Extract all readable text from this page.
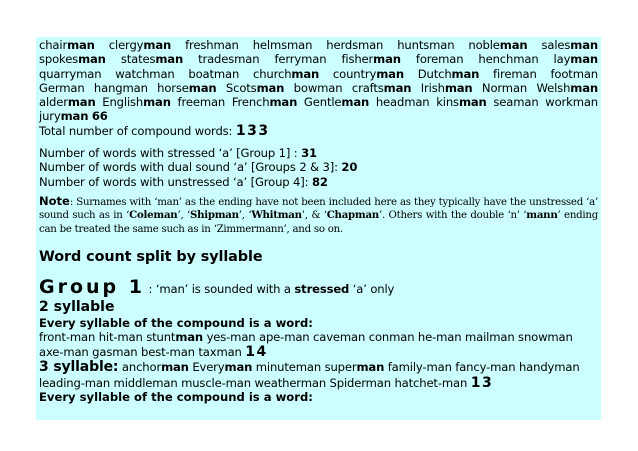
chairman clergyman freshman helmsman herdsman huntsman nobleman salesman
spokesman statesman tradesman ferryman fisherman foreman henchman layman
quarryman watchman boatman churchman countryman Dutchman fireman footman
German hangman horseman Scotsman bowman craftsman Irishman Norman Welshman
alderman Englishman freeman Frenchman Gentleman headman kinsman seaman workman
juryman 66
Total number of compound words: 133
Number of words with stressed ‘a’ [Group 1] : 31
Number of words with dual sound ‘a’ [Groups 2 & 3]: 20
Number of words with unstressed ‘a’ [Group 4]: 82
Note: Surnames with ‘man’ as the ending have not been included here as they typically have the unstressed ‘a’ sound such as in ‘Coleman’, ‘Shipman’, ‘Whitman’, & ‘Chapman’. Others with the double ‘n’ ‘mann’ ending can be treated the same such as in ‘Zimmermann’, and so on.
Word count split by syllable
Group 1 : ‘man’ is sounded with a stressed ‘a’ only
2 syllable
Every syllable of the compound is a word:
front-man hit-man stuntman yes-man ape-man caveman conman he-man mailman snowman
axe-man gasman best-man taxman 14
3 syllable: anchorman Everyman minuteman superman family-man fancy-man handyman
leading-man middleman muscle-man weatherman Spiderman hatchet-man 13
Every syllable of the compound is a word:
